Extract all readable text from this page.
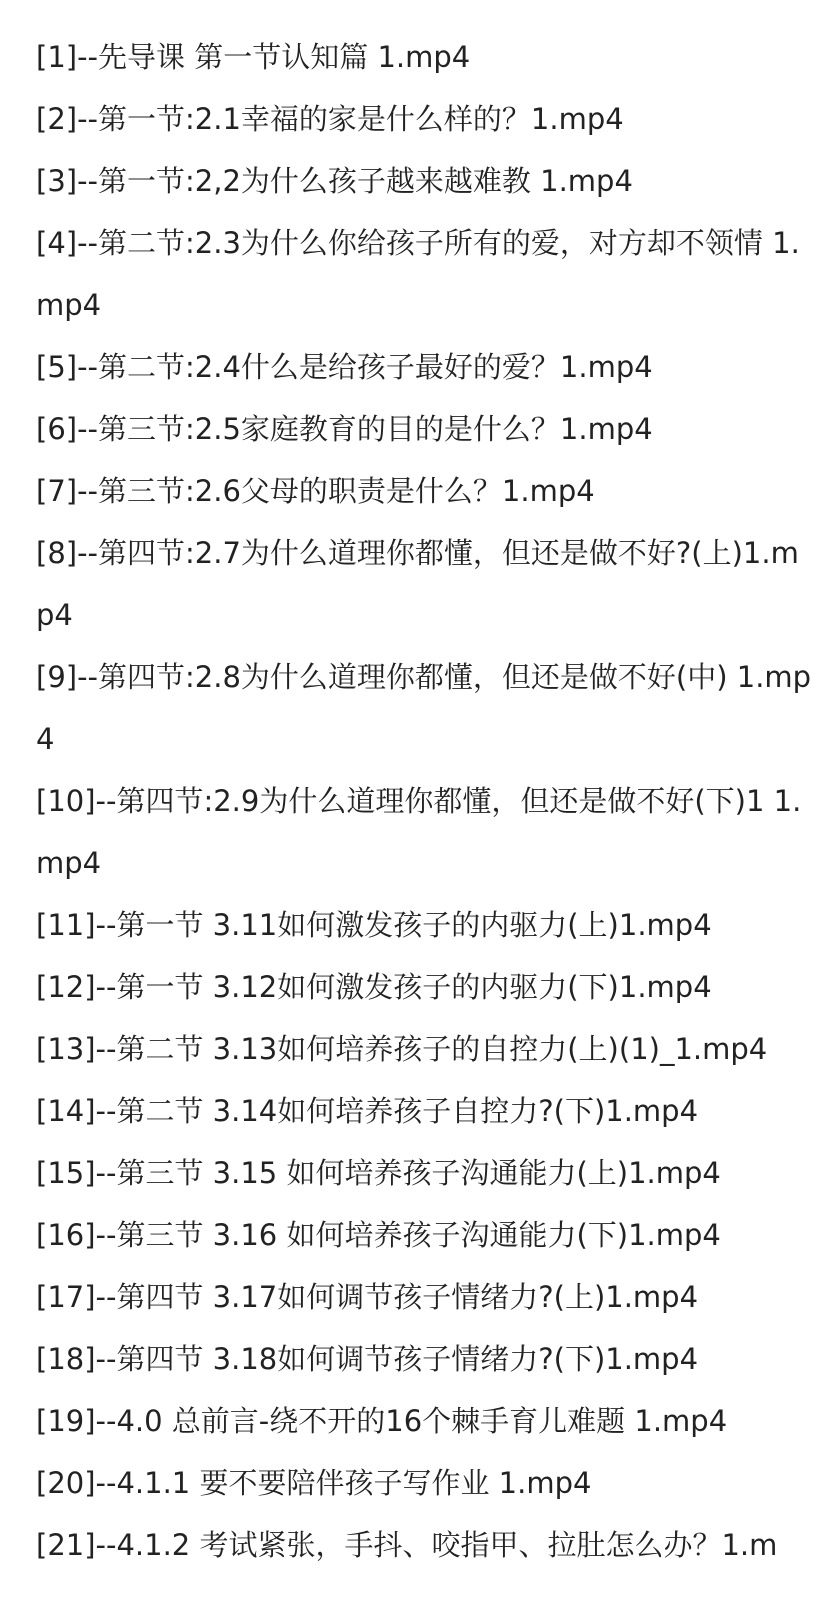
[1]--先导课 第一节认知篇 1.mp4
[2]--第一节:2.1幸福的家是什么样的？1.mp4
[3]--第一节:2,2为什么孩子越来越难教 1.mp4
[4]--第二节:2.3为什么你给孩子所有的爱，对方却不领情 1.mp4
[5]--第二节:2.4什么是给孩子最好的爱？1.mp4
[6]--第三节:2.5家庭教育的目的是什么？1.mp4
[7]--第三节:2.6父母的职责是什么？1.mp4
[8]--第四节:2.7为什么道理你都懂，但还是做不好?(上)1.mp4
[9]--第四节:2.8为什么道理你都懂，但还是做不好(中) 1.mp4
[10]--第四节:2.9为什么道理你都懂，但还是做不好(下)1 1.mp4
[11]--第一节 3.11如何激发孩子的内驱力(上)1.mp4
[12]--第一节 3.12如何激发孩子的内驱力(下)1.mp4
[13]--第二节 3.13如何培养孩子的自控力(上)(1)_1.mp4
[14]--第二节 3.14如何培养孩子自控力?(下)1.mp4
[15]--第三节 3.15 如何培养孩子沟通能力(上)1.mp4
[16]--第三节 3.16 如何培养孩子沟通能力(下)1.mp4
[17]--第四节 3.17如何调节孩子情绪力?(上)1.mp4
[18]--第四节 3.18如何调节孩子情绪力?(下)1.mp4
[19]--4.0 总前言-绕不开的16个棘手育儿难题 1.mp4
[20]--4.1.1 要不要陪伴孩子写作业 1.mp4
[21]--4.1.2 考试紧张，手抖、咬指甲、拉肚怎么办？1.m
